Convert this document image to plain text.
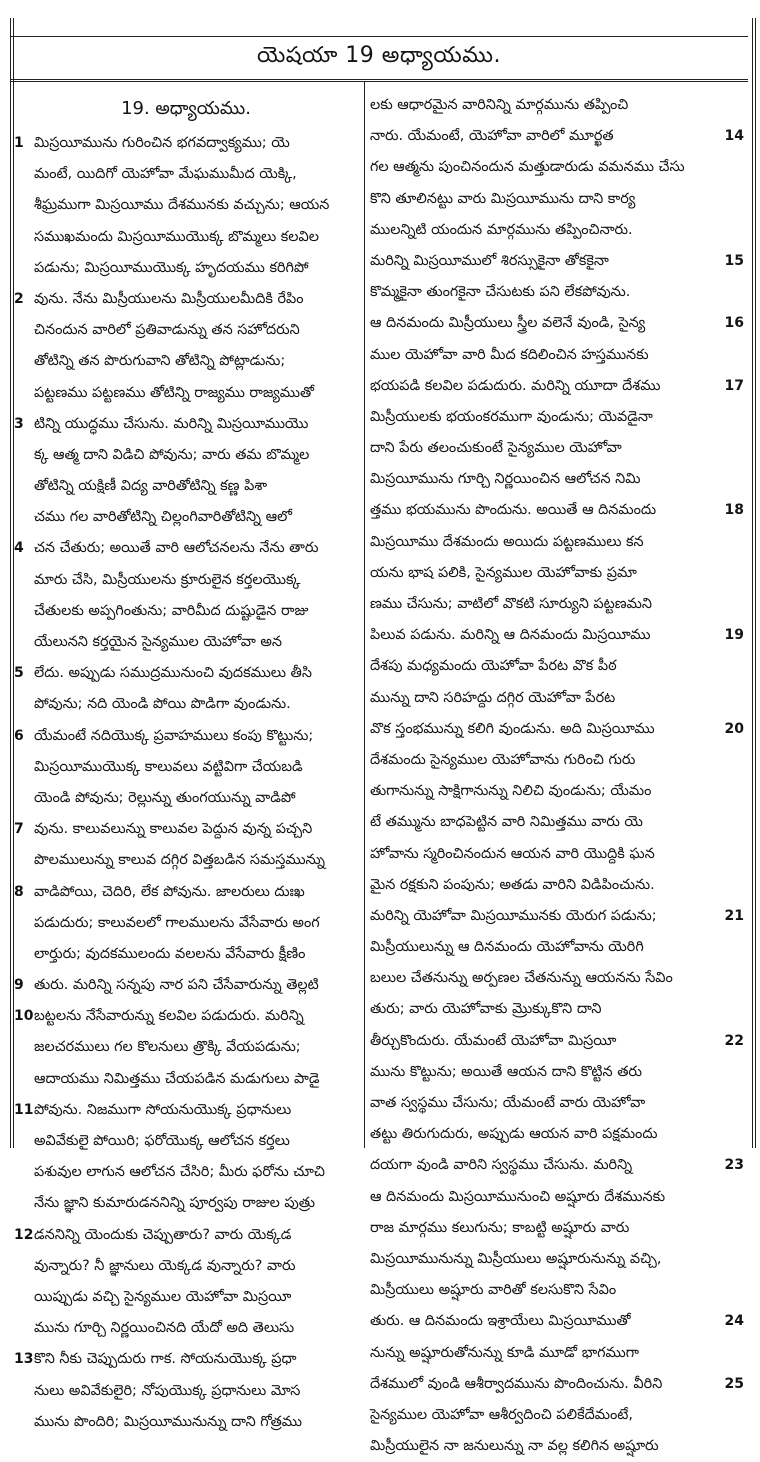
యెషయా 19 అధ్యాయము.
19. అధ్యాయము.
1 మిస్రయీమును గురించిన భగవద్వాక్యము; యె
మంటే, యిదిగో యెహోవా మేఘముమీద యెక్కి,
శీఘ్రముగా మిస్రయీము దేశమునకు వచ్చును; ఆయన
సముఖమందు మిస్రయీముయొక్క బొమ్మలు కలవిల
పడును; మిస్రయీముయొక్క హృదయము కరిగిపో
2 వును. నేను మిస్రీయులను మిస్రీయులమీదికి రేపిం
చినందున వారిలో ప్రతివాడున్ను తన సహోదరుని
తోటిన్ని తన పొరుగువాని తోటిన్ని పోట్లాడును;
పట్టణము పట్టణము తోటిన్ని రాజ్యము రాజ్యముతో
3 టిన్ని యుద్ధము చేసును. మరిన్ని మిస్రయీముయొ
క్క ఆత్మ దాని విడిచి పోవును; వారు తమ బొమ్మల
తోటిన్ని యక్షిణీ విద్య వారితోటిన్ని కణ్ణ పిశా
చము గల వారితోటిన్ని చిల్లంగివారితోటిన్ని ఆలో
4 చన చేతురు; అయితే వారి ఆలోచనలను నేను తారు
మారు చేసి, మిస్రీయులను క్రూరులైన కర్తలయొక్క
చేతులకు అప్పగింతును; వారిమీద దుష్టుడైన రాజు
యేలునని కర్తయైన సైన్యముల యెహోవా అన
5 లేదు. అప్పుడు సముద్రమునుంచి వుదకములు తీసి
పోవును; నది యెండి పోయి పొడిగా వుండును.
6 యేమంటే నదియొక్క ప్రవాహములు కంపు కొట్టును;
మిస్రయీముయొక్క కాలువలు వట్టివిగా చేయబడి
యెండి పోవును; రెల్లున్ను తుంగయున్ను వాడిపో
7 వును. కాలువలున్ను కాలువల పెద్దున వున్న పచ్చని
పొలములున్ను కాలువ దగ్గిర విత్తబడిన సమస్తమున్ను
8 వాడిపోయి, చెదిరి, లేక పోవును. జాలరులు దుఃఖ
పడుదురు; కాలువలలో గాలములను వేసేవారు అంగ
లార్తురు; వుదకములందు వలలను వేసేవారు క్షీణిం
9 తురు. మరిన్ని సన్నపు నార పని చేసేవారున్ను తెల్లటి
10 బట్టలను నేసేవారున్ను కలవిల పడుదురు. మరిన్ని
జలచరములు గల కొలనులు త్రొక్కి వేయపడును;
ఆదాయము నిమిత్తము చేయపడిన మడుగులు పాడై
11 పోవును. నిజముగా సోయనుయొక్క ప్రధానులు
అవివేకులై పోయిరి; ఫరోయొక్క ఆలోచన కర్తలు
పశువుల లాగున ఆలోచన చేసిరి; మీరు ఫరోను చూచి
నేను జ్ఞాని కుమారుడననిన్ని పూర్వపు రాజుల పుత్రు
12 డననిన్ని యెందుకు చెప్పుతారు? వారు యెక్కడ
వున్నారు? నీ జ్ఞానులు యెక్కడ వున్నారు? వారు
యిప్పుడు వచ్చి సైన్యముల యెహోవా మిస్రయీ
మును గూర్చి నిర్ణయించినది యేదో అది తెలుసు
13 కొని నీకు చెప్పుదురు గాక. సోయనుయొక్క ప్రధా
నులు అవివేకులైరి; నోపుయొక్క ప్రధానులు మోస
మును పొందిరి; మిస్రయీమునున్ను దాని గోత్రము
లకు ఆధారమైన వారినిన్ని మార్గమును తప్పించి
14
నారు. యేమంటే, యెహోవా వారిలో మూర్ఖత
గల ఆత్మను పుంచినందున మత్తుడారుడు వమనము చేసు
కొని తూలినట్టు వారు మిస్రయీమును దాని కార్య
ములన్నిటి యందున మార్గమును తప్పించినారు.
15
మరిన్ని మిస్రయీములో శిరస్సుకైనా తోకకైనా
కొమ్మకైనా తుంగకైనా చేసుటకు పని లేకపోవును.
16
ఆ దినమందు మిస్రీయులు స్త్రీల వలెనే వుండి, సైన్య
ముల యెహోవా వారి మీద కదిలించిన హస్తమునకు
17
భయపడి కలవిల పడుదురు. మరిన్ని యూదా దేశము
మిస్రీయులకు భయంకరముగా వుండును; యెవడైనా
దాని పేరు తలంచుకుంటే సైన్యముల యెహోవా
మిస్రయీమును గూర్చి నిర్ణయించిన ఆలోచన నిమి
18
త్తము భయమును పొందును. అయితే ఆ దినమందు
మిస్రయీము దేశమందు అయిదు పట్టణములు కన
యను భాష పలికి, సైన్యముల యెహోవాకు ప్రమా
ణము చేసును; వాటిలో వొకటి సూర్యుని పట్టణమని
19
పిలువ పడును. మరిన్ని ఆ దినమందు మిస్రయీము
దేశపు మధ్యమందు యెహోవా పేరట వొక పీఠ
మున్ను దాని సరిహద్దు దగ్గిర యెహోవా పేరట
20
వొక స్తంభమున్ను కలిగి వుండును. అది మిస్రయీము
దేశమందు సైన్యముల యెహోవాను గురించి గురు
తుగానున్ను సాక్షిగానున్ను నిలిచి వుండును; యేమం
టే తమ్మును బాధపెట్టిన వారి నిమిత్తము వారు యె
హోవాను స్మరించినందున ఆయన వారి యొద్దికి ఘన
మైన రక్షకుని పంపును; అతడు వారిని విడిపించును.
21
మరిన్ని యెహోవా మిస్రయీమునకు యెరుగ పడును;
మిస్రీయులున్ను ఆ దినమందు యెహోవాను యెరిగి
బలుల చేతనున్ను అర్పణల చేతనున్ను ఆయనను సేవిం
తురు; వారు యెహోవాకు మ్రొక్కుకొని దాని
22
తీర్చుకొందురు. యేమంటే యెహోవా మిస్రయీ
మును కొట్టును; అయితే ఆయన దాని కొట్టిన తరు
వాత స్వస్థము చేసును; యేమంటే వారు యెహోవా
తట్టు తిరుగుదురు, అప్పుడు ఆయన వారి పక్షమందు
23
దయగా వుండి వారిని స్వస్థము చేసును. మరిన్ని
ఆ దినమందు మిస్రయీమునుంచి అష్షూరు దేశమునకు
రాజ మార్గము కలుగును; కాబట్టి అష్షూరు వారు
మిస్రయీమునున్ను మిస్రీయులు అష్షూరునున్ను వచ్చి,
మిస్రీయులు అష్షూరు వారితో కలసుకొని సేవిం
24
తురు. ఆ దినమందు ఇశ్రాయేలు మిస్రయీముతో
నున్ను అష్షూరుతోనున్ను కూడి మూడో భాగముగా
25
దేశములో వుండి ఆశీర్వాదమును పొందించును. వీరిని
సైన్యముల యెహోవా ఆశీర్వదించి పలికేదేమంటే,
మిస్రీయులైన నా జనులున్ను నా వల్ల కలిగిన అష్షూరు
